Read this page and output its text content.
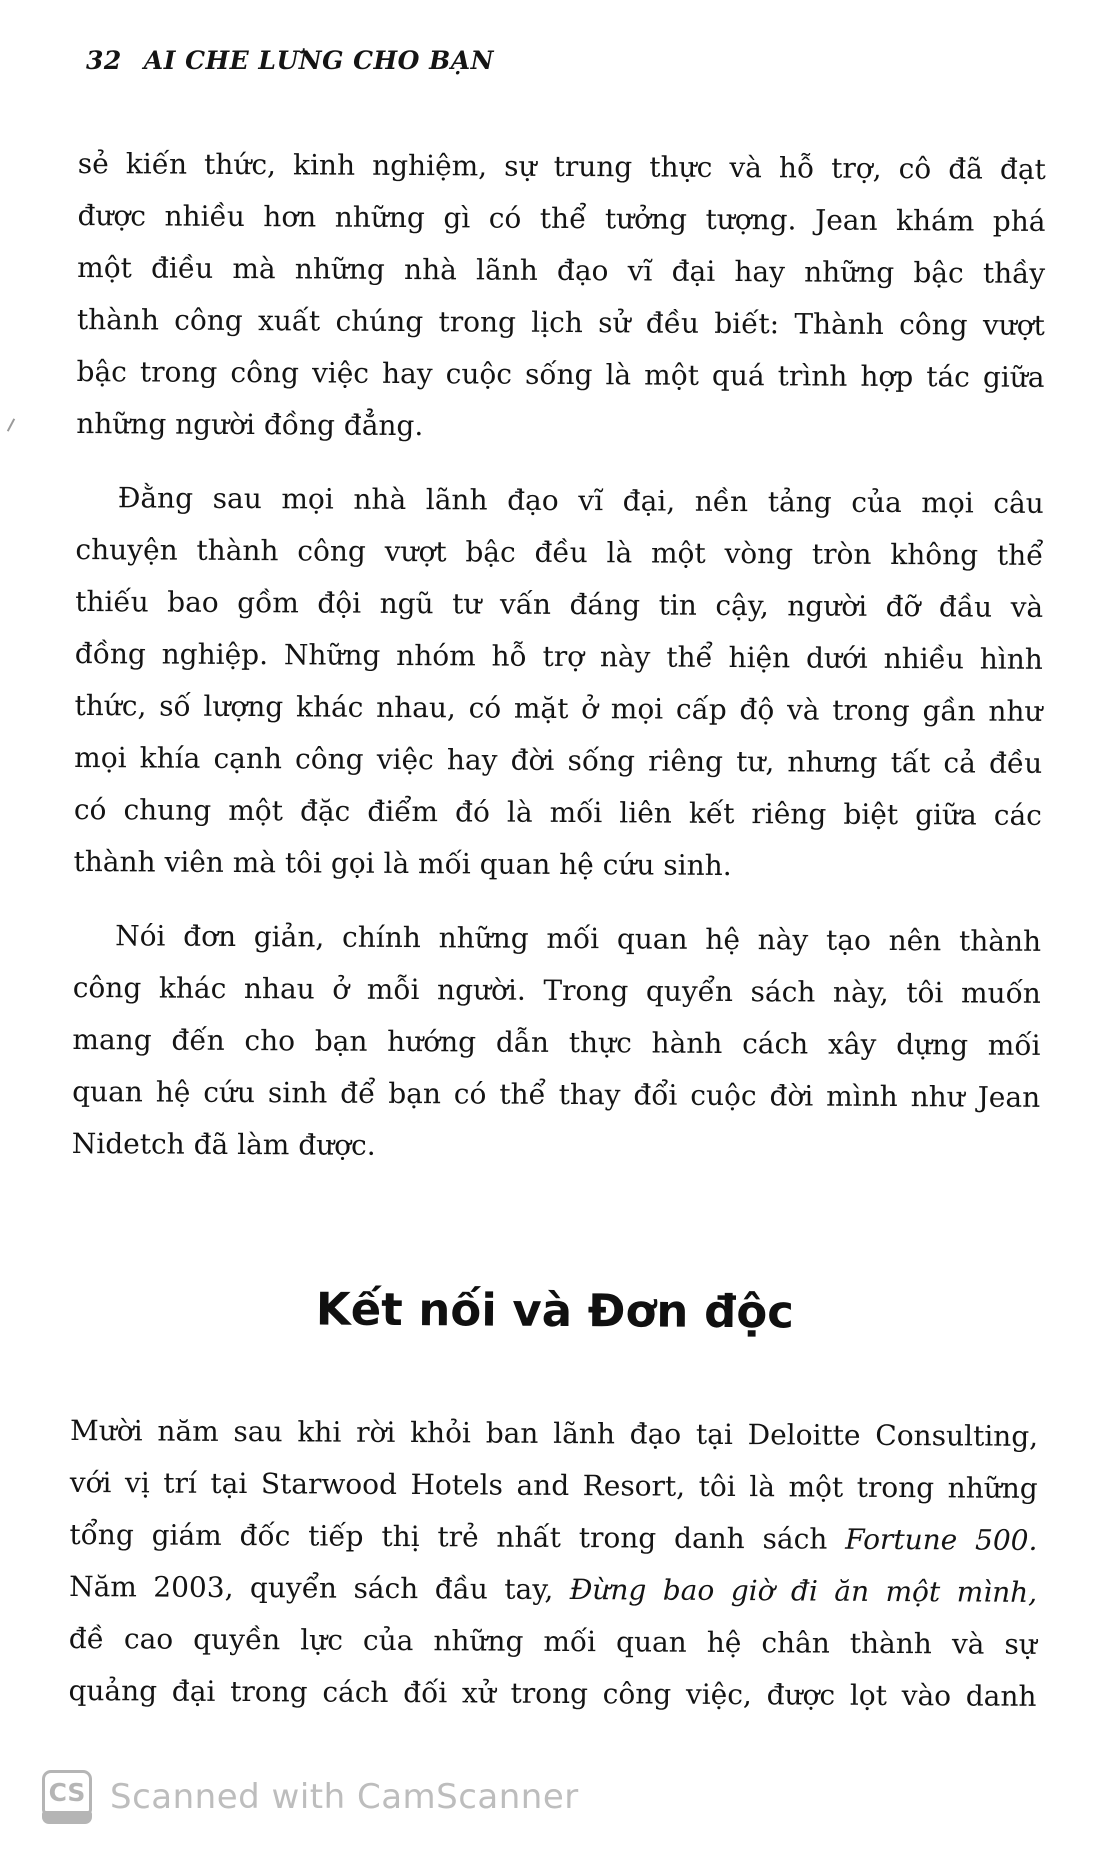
32 AI CHE LƯNG CHO BẠN
sẻ kiến thức, kinh nghiệm, sự trung thực và hỗ trợ, cô đã đạt
được nhiều hơn những gì có thể tưởng tượng. Jean khám phá
một điều mà những nhà lãnh đạo vĩ đại hay những bậc thầy
thành công xuất chúng trong lịch sử đều biết: Thành công vượt
bậc trong công việc hay cuộc sống là một quá trình hợp tác giữa
những người đồng đẳng.
Đằng sau mọi nhà lãnh đạo vĩ đại, nền tảng của mọi câu
chuyện thành công vượt bậc đều là một vòng tròn không thể
thiếu bao gồm đội ngũ tư vấn đáng tin cậy, người đỡ đầu và
đồng nghiệp. Những nhóm hỗ trợ này thể hiện dưới nhiều hình
thức, số lượng khác nhau, có mặt ở mọi cấp độ và trong gần như
mọi khía cạnh công việc hay đời sống riêng tư, nhưng tất cả đều
có chung một đặc điểm đó là mối liên kết riêng biệt giữa các
thành viên mà tôi gọi là mối quan hệ cứu sinh.
Nói đơn giản, chính những mối quan hệ này tạo nên thành
công khác nhau ở mỗi người. Trong quyển sách này, tôi muốn
mang đến cho bạn hướng dẫn thực hành cách xây dựng mối
quan hệ cứu sinh để bạn có thể thay đổi cuộc đời mình như Jean
Nidetch đã làm được.
Kết nối và Đơn độc
Mười năm sau khi rời khỏi ban lãnh đạo tại Deloitte Consulting,
với vị trí tại Starwood Hotels and Resort, tôi là một trong những
tổng giám đốc tiếp thị trẻ nhất trong danh sách Fortune 500.
Năm 2003, quyển sách đầu tay, Đừng bao giờ đi ăn một mình,
đề cao quyền lực của những mối quan hệ chân thành và sự
quảng đại trong cách đối xử trong công việc, được lọt vào danh
CS Scanned with CamScanner
